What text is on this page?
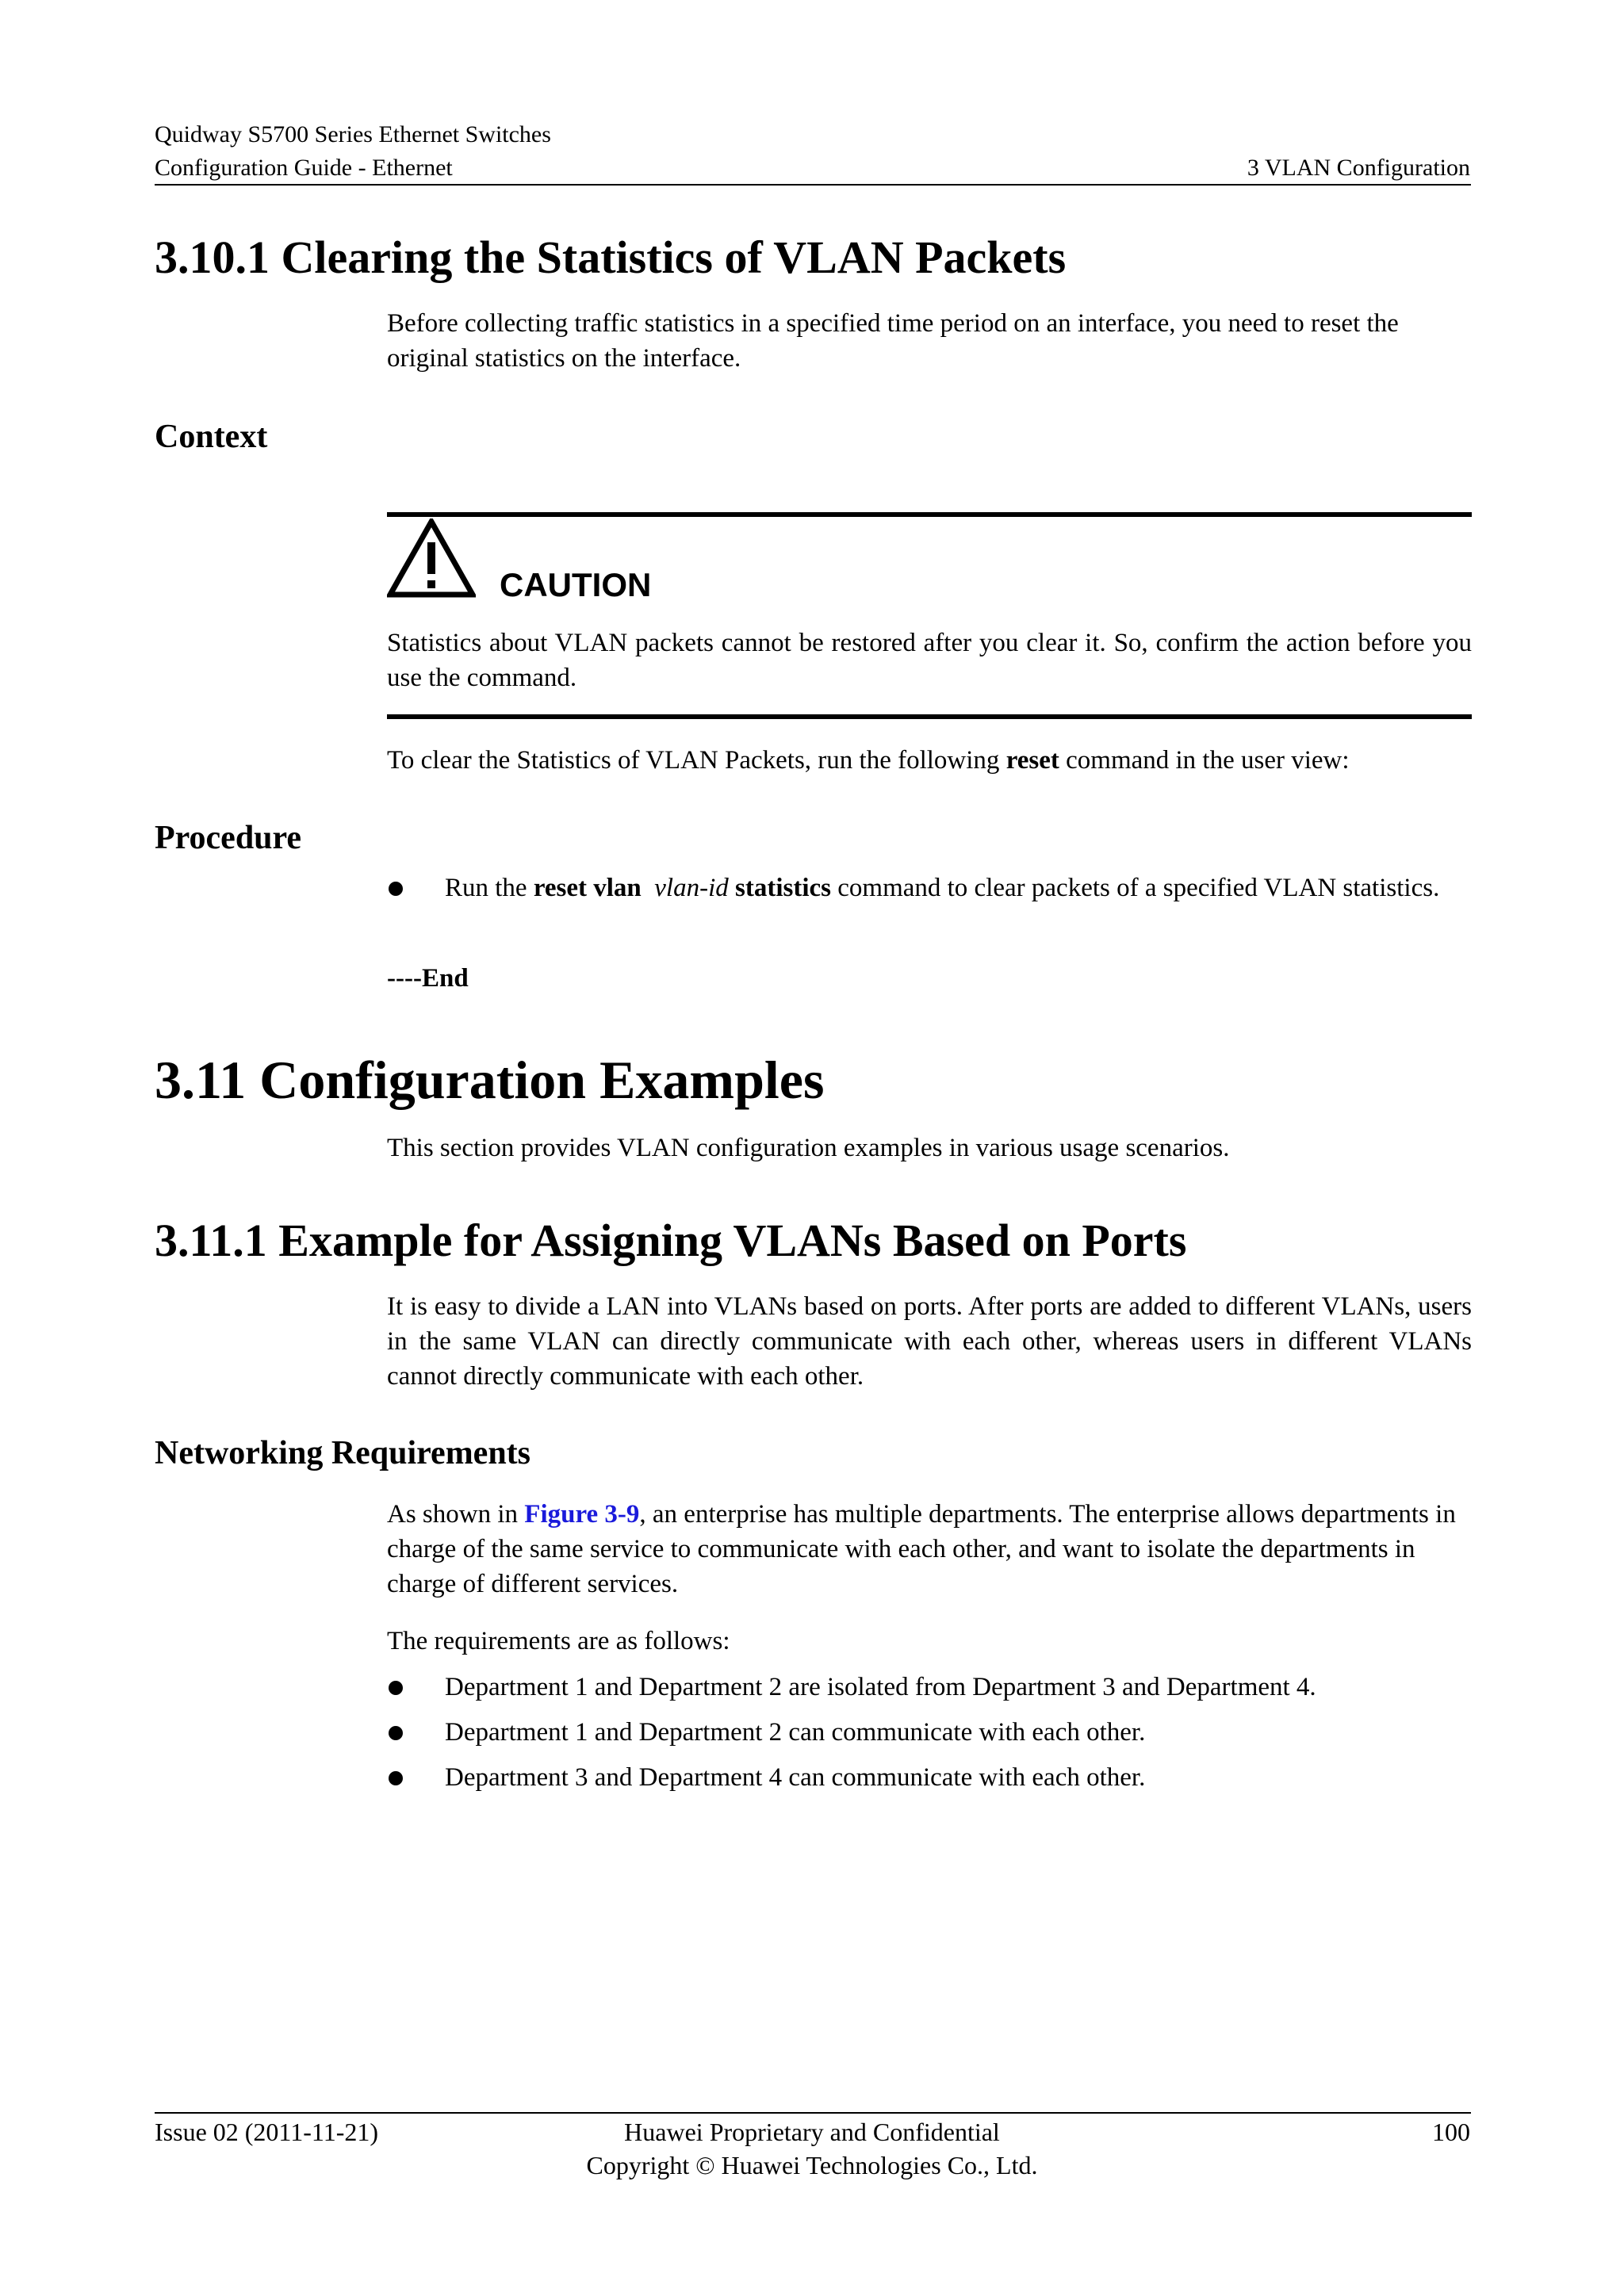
Quidway S5700 Series Ethernet Switches
Configuration Guide - Ethernet	3 VLAN Configuration
3.10.1 Clearing the Statistics of VLAN Packets
Before collecting traffic statistics in a specified time period on an interface, you need to reset the original statistics on the interface.
Context
CAUTION
Statistics about VLAN packets cannot be restored after you clear it. So, confirm the action before you use the command.
To clear the Statistics of VLAN Packets, run the following reset command in the user view:
Procedure
Run the reset vlan vlan-id statistics command to clear packets of a specified VLAN statistics.
----End
3.11 Configuration Examples
This section provides VLAN configuration examples in various usage scenarios.
3.11.1 Example for Assigning VLANs Based on Ports
It is easy to divide a LAN into VLANs based on ports. After ports are added to different VLANs, users in the same VLAN can directly communicate with each other, whereas users in different VLANs cannot directly communicate with each other.
Networking Requirements
As shown in Figure 3-9, an enterprise has multiple departments. The enterprise allows departments in charge of the same service to communicate with each other, and want to isolate the departments in charge of different services.
The requirements are as follows:
Department 1 and Department 2 are isolated from Department 3 and Department 4.
Department 1 and Department 2 can communicate with each other.
Department 3 and Department 4 can communicate with each other.
Issue 02 (2011-11-21)	Huawei Proprietary and Confidential
Copyright © Huawei Technologies Co., Ltd.
100
